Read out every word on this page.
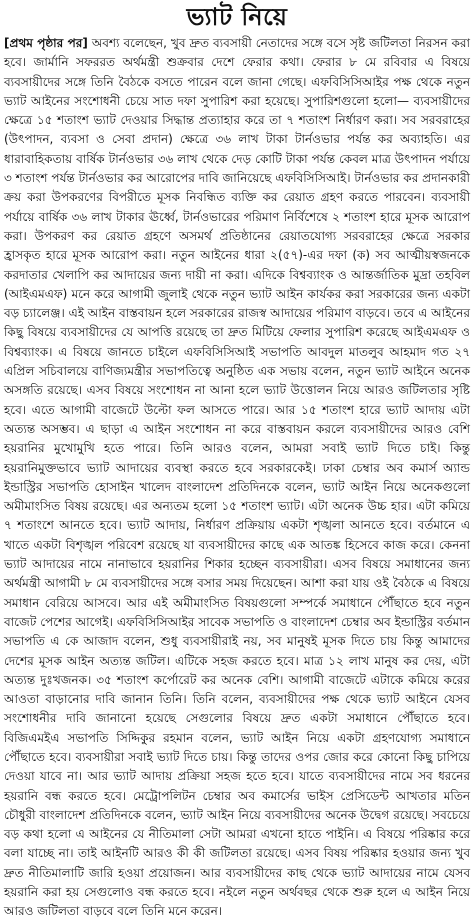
ভ্যাট নিয়ে

[প্রথম পৃষ্ঠার পর] অবশ্য বলেছেন, খুব দ্রুত ব্যবসায়ী নেতাদের সঙ্গে বসে সৃষ্ট জটিলতা নিরসন করা হবে। জার্মানি সফররত অর্থমন্ত্রী শুক্রবার দেশে ফেরার কথা। ফেরার ৮ মে রবিবার এ বিষয়ে ব্যবসায়ীদের সঙ্গে তিনি বৈঠকে বসতে পারেন বলে জানা গেছে। এফবিসিসিআইর পক্ষ থেকে নতুন ভ্যাট আইনের সংশোধনী চেয়ে সাত দফা সুপারিশ করা হয়েছে। সুপারিশগুলো হলো— ব্যবসায়ীদের ক্ষেত্রে ১৫ শতাংশ ভ্যাট দেওয়ার সিদ্ধান্ত প্রত্যাহার করে তা ৭ শতাংশ নির্ধারণ করা। সব সরবরাহের (উৎপাদন, ব্যবসা ও সেবা প্রদান) ক্ষেত্রে ৩৬ লাখ টাকা টার্নওভার পর্যন্ত কর অব্যাহতি। এর ধারাবাহিকতায় বার্ষিক টার্নওভার ৩৬ লাখ থেকে দেড় কোটি টাকা পর্যন্ত কেবল মাত্র উৎপাদন পর্যায়ে ৩ শতাংশ পর্যন্ত টার্নওভার কর আরোপের দাবি জানিয়েছে এফবিসিসিআই। টার্নওভার কর প্রদানকারী ক্রয় করা উপকরণের বিপরীতে মূসক নিবন্ধিত ব্যক্তি কর রেয়াত গ্রহণ করতে পারবেন। ব্যবসায়ী পর্যায়ে বার্ষিক ৩৬ লাখ টাকার ঊর্ধ্বে, টার্নওভারের পরিমাণ নির্বিশেষে ২ শতাংশ হারে মূসক আরোপ করা। উপকরণ কর রেয়াত গ্রহণে অসমর্থ প্রতিষ্ঠানের রেয়াতযোগ্য সরবরাহের ক্ষেত্রে সরকার হ্রাসকৃত হারে মূসক আরোপ করা। নতুন আইনের ধারা ২(৫৭)-এর দফা (ক) সব আত্মীয়স্বজনকে করদাতার খেলাপি কর আদায়ের জন্য দায়ী না করা। এদিকে বিশ্বব্যাংক ও আন্তর্জাতিক মুদ্রা তহবিল (আইএমএফ) মনে করে আগামী জুলাই থেকে নতুন ভ্যাট আইন কার্যকর করা সরকারের জন্য একটা বড় চ্যালেঞ্জ। এই আইন বাস্তবায়ন হলে সরকারের রাজস্ব আদায়ের পরিমাণ বাড়বে। তবে এ আইনের কিছু বিষয়ে ব্যবসায়ীদের যে আপত্তি রয়েছে তা দ্রুত মিটিয়ে ফেলার সুপারিশ করেছে আইএমএফ ও বিশ্বব্যাংক। এ বিষয়ে জানতে চাইলে এফবিসিসিআই সভাপতি আবদুল মাতলুব আহমাদ গত ২৭ এপ্রিল সচিবালয়ে বাণিজ্যমন্ত্রীর সভাপতিত্বে অনুষ্ঠিত এক সভায় বলেন, নতুন ভ্যাট আইনে অনেক অসঙ্গতি রয়েছে। এসব বিষয়ে সংশোধন না আনা হলে ভ্যাট উত্তোলন নিয়ে আরও জটিলতার সৃষ্টি হবে। এতে আগামী বাজেটে উল্টো ফল আসতে পারে। আর ১৫ শতাংশ হারে ভ্যাট আদায় এটা অত্যন্ত অসম্ভব। এ ছাড়া এ আইন সংশোধন না করে বাস্তবায়ন করলে ব্যবসায়ীদের আরও বেশি হয়রানির মুখোমুখি হতে পারে। তিনি আরও বলেন, আমরা সবাই ভ্যাট দিতে চাই। কিন্তু হয়রানিমুক্তভাবে ভ্যাট আদায়ের ব্যবস্থা করতে হবে সরকারকেই। ঢাকা চেম্বার অব কমার্স অ্যান্ড ইন্ডাস্ট্রির সভাপতি হোসাইন খালেদ বাংলাদেশ প্রতিদিনকে বলেন, ভ্যাট আইন নিয়ে অনেকগুলো অমীমাংসিত বিষয় রয়েছে। এর অন্যতম হলো ১৫ শতাংশ ভ্যাট। এটা অনেক উচ্চ হার। এটা কমিয়ে ৭ শতাংশে আনতে হবে। ভ্যাট আদায়, নির্ধারণ প্রক্রিয়ায় একটা শৃঙ্খলা আনতে হবে। বর্তমানে এ খাতে একটা বিশৃঙ্খল পরিবেশ রয়েছে যা ব্যবসায়ীদের কাছে এক আতঙ্ক হিসেবে কাজ করে। কেননা ভ্যাট আদায়ের নামে নানাভাবে হয়রানির শিকার হচ্ছেন ব্যবসায়ীরা। এসব বিষয়ে সমাধানের জন্য অর্থমন্ত্রী আগামী ৮ মে ব্যবসায়ীদের সঙ্গে বসার সময় দিয়েছেন। আশা করা যায় ওই বৈঠকে এ বিষয়ে সমাধান বেরিয়ে আসবে। আর এই অমীমাংসিত বিষয়গুলো সম্পর্কে সমাধানে পৌঁছাতে হবে নতুন বাজেট পেশের আগেই। এফবিসিসিআইর সাবেক সভাপতি ও বাংলাদেশ চেম্বার অব ইন্ডাস্ট্রির বর্তমান সভাপতি এ কে আজাদ বলেন, শুধু ব্যবসায়ীরাই নয়, সব মানুষই মূসক দিতে চায় কিন্তু আমাদের দেশের মূসক আইন অত্যন্ত জটিল। এটিকে সহজ করতে হবে। মাত্র ১২ লাখ মানুষ কর দেয়, এটা অত্যন্ত দুঃখজনক। ৩৫ শতাংশ কর্পোরেট কর অনেক বেশি। আগামী বাজেটে এটাকে কমিয়ে করের আওতা বাড়ানোর দাবি জানান তিনি। তিনি বলেন, ব্যবসায়ীদের পক্ষ থেকে ভ্যাট আইনে যেসব সংশোধনীর দাবি জানানো হয়েছে সেগুলোর বিষয়ে দ্রুত একটা সমাধানে পৌঁছাতে হবে। বিজিএমইএ সভাপতি সিদ্দিকুর রহমান বলেন, ভ্যাট আইন নিয়ে একটা গ্রহণযোগ্য সমাধানে পৌঁছাতে হবে। ব্যবসায়ীরা সবাই ভ্যাট দিতে চায়। কিন্তু তাদের ওপর জোর করে কোনো কিছু চাপিয়ে দেওয়া যাবে না। আর ভ্যাট আদায় প্রক্রিয়া সহজ হতে হবে। যাতে ব্যবসায়ীদের নামে সব ধরনের হয়রানি বন্ধ করতে হবে। মেট্রোপলিটন চেম্বার অব কমার্সের ভাইস প্রেসিডেন্ট আখতার মতিন চৌধুরী বাংলাদেশ প্রতিদিনকে বলেন, ভ্যাট আইন নিয়ে ব্যবসায়ীদের অনেক উদ্বেগ রয়েছে। সবচেয়ে বড় কথা হলো এ আইনের যে নীতিমালা সেটা আমরা এখনো হাতে পাইনি। এ বিষয়ে পরিষ্কার করে বলা যাচ্ছে না। তাই আইনটি আরও কী কী জটিলতা রয়েছে। এসব বিষয় পরিষ্কার হওয়ার জন্য খুব দ্রুত নীতিমালাটি জারি হওয়া প্রয়োজন। আর ব্যবসায়ীদের কাছ থেকে ভ্যাট আদায়ের নামে যেসব হয়রানি করা হয় সেগুলোও বন্ধ করতে হবে। নইলে নতুন অর্থবছর থেকে শুরু হলে এ আইন নিয়ে আরও জটিলতা বাড়বে বলে তিনি মনে করেন।
